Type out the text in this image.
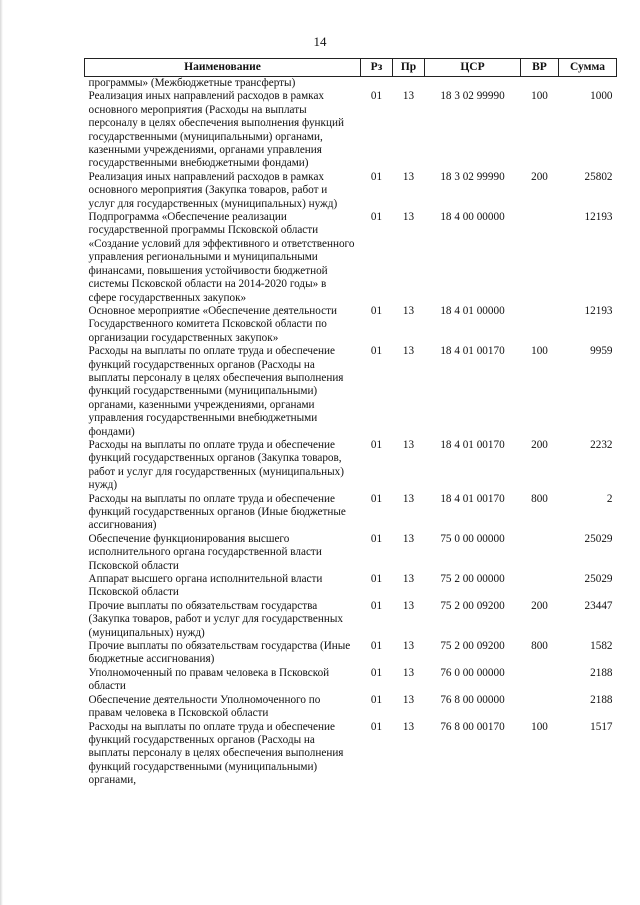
14
Наименование	Рз	Пр	ЦСР	ВР	Сумма
программы» (Межбюджетные трансферты)					
Реализация иных направлений расходов в рамках основного мероприятия (Расходы на выплаты персоналу в целях обеспечения выполнения функций государственными (муниципальными) органами, казенными учреждениями, органами управления государственными внебюджетными фондами)	01	13	18 3 02 99990	100	1000
Реализация иных направлений расходов в рамках основного мероприятия (Закупка товаров, работ и услуг для государственных (муниципальных) нужд)	01	13	18 3 02 99990	200	25802
Подпрограмма «Обеспечение реализации государственной программы Псковской области «Создание условий для эффективного и ответственного управления региональными и муниципальными финансами, повышения устойчивости бюджетной системы Псковской области на 2014-2020 годы» в сфере государственных закупок»	01	13	18 4 00 00000		12193
Основное мероприятие «Обеспечение деятельности Государственного комитета Псковской области по организации государственных закупок»	01	13	18 4 01 00000		12193
Расходы на выплаты по оплате труда и обеспечение функций государственных органов (Расходы на выплаты персоналу в целях обеспечения выполнения функций государственными (муниципальными) органами, казенными учреждениями, органами управления государственными внебюджетными фондами)	01	13	18 4 01 00170	100	9959
Расходы на выплаты по оплате труда и обеспечение функций государственных органов (Закупка товаров, работ и услуг для государственных (муниципальных) нужд)	01	13	18 4 01 00170	200	2232
Расходы на выплаты по оплате труда и обеспечение функций государственных органов (Иные бюджетные ассигнования)	01	13	18 4 01 00170	800	2
Обеспечение функционирования высшего исполнительного органа государственной власти Псковской области	01	13	75 0 00 00000		25029
Аппарат высшего органа исполнительной власти Псковской области	01	13	75 2 00 00000		25029
Прочие выплаты по обязательствам государства (Закупка товаров, работ и услуг для государственных (муниципальных) нужд)	01	13	75 2 00 09200	200	23447
Прочие выплаты по обязательствам государства (Иные бюджетные ассигнования)	01	13	75 2 00 09200	800	1582
Уполномоченный по правам человека в Псковской области	01	13	76 0 00 00000		2188
Обеспечение деятельности Уполномоченного по правам человека в Псковской области	01	13	76 8 00 00000		2188
Расходы на выплаты по оплате труда и обеспечение функций государственных органов (Расходы на выплаты персоналу в целях обеспечения выполнения функций государственными (муниципальными) органами,	01	13	76 8 00 00170	100	1517
